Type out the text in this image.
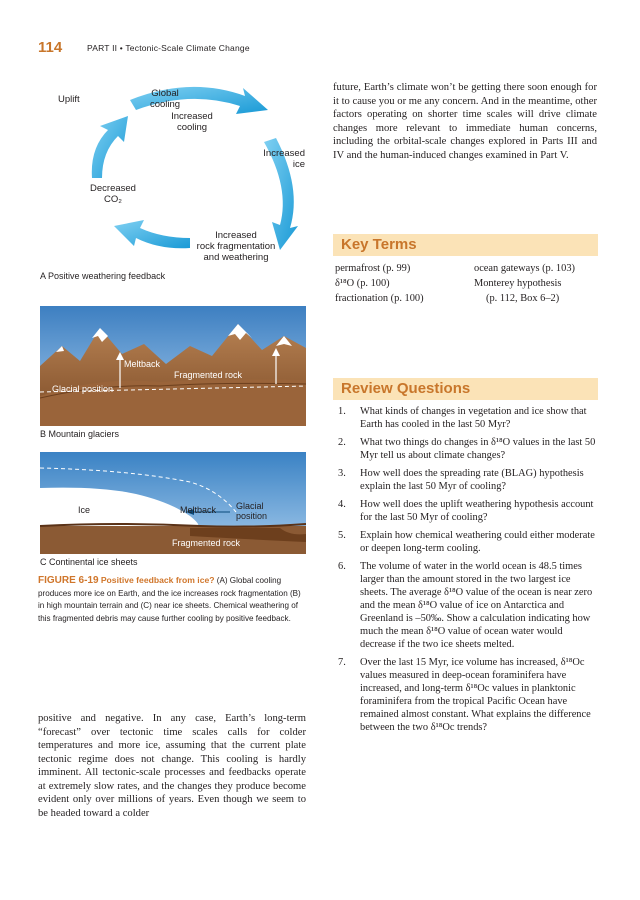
114	PART II • Tectonic-Scale Climate Change
Uplift
Global
cooling
Increased
cooling
Increased
ice
Decreased
CO₂
Increased
rock fragmentation
and weathering
A Positive weathering feedback
Meltback
Fragmented rock
Glacial position
B Mountain glaciers
Ice	Meltback Glacial
position
Fragmented rock
C Continental ice sheets
FIGURE 6-19 Positive feedback from ice? (A) Global cooling produces more ice on Earth, and the ice increases rock fragmentation (B) in high mountain terrain and (C) near ice sheets. Chemical weathering of this fragmented debris may cause further cooling by positive feedback.

positive and negative. In any case, Earth’s long-term “forecast” over tectonic time scales calls for colder temperatures and more ice, assuming that the current plate tectonic regime does not change. This cooling is hardly imminent. All tectonic-scale processes and feedbacks operate at extremely slow rates, and the changes they produce become evident only over millions of years. Even though we seem to be headed toward a colder

future, Earth’s climate won’t be getting there soon enough for it to cause you or me any concern. And in the meantime, other factors operating on shorter time scales will drive climate changes more relevant to immediate human concerns, including the orbital-scale changes explored in Parts III and IV and the human-induced changes examined in Part V.

Key Terms
permafrost (p. 99)
δ¹⁸O (p. 100)
fractionation (p. 100)
ocean gateways (p. 103)
Monterey hypothesis
(p. 112, Box 6–2)
Review Questions
1. What kinds of changes in vegetation and ice show that Earth has cooled in the last 50 Myr?
2. What two things do changes in δ¹⁸O values in the last 50 Myr tell us about climate changes?
3. How well does the spreading rate (BLAG) hypothesis explain the last 50 Myr of cooling?
4. How well does the uplift weathering hypothesis account for the last 50 Myr of cooling?
5. Explain how chemical weathering could either moderate or deepen long-term cooling.
6. The volume of water in the world ocean is 48.5 times larger than the amount stored in the two largest ice sheets. The average δ¹⁸O value of the ocean is near zero and the mean δ¹⁸O value of ice on Antarctica and Greenland is –50‰. Show a calculation indicating how much the mean δ¹⁸O value of ocean water would decrease if the two ice sheets melted.
7. Over the last 15 Myr, ice volume has increased, δ¹⁸Oc values measured in deep-ocean foraminifera have increased, and long-term δ¹⁸Oc values in planktonic foraminifera from the tropical Pacific Ocean have remained almost constant. What explains the difference between the two δ¹⁸Oc trends?
